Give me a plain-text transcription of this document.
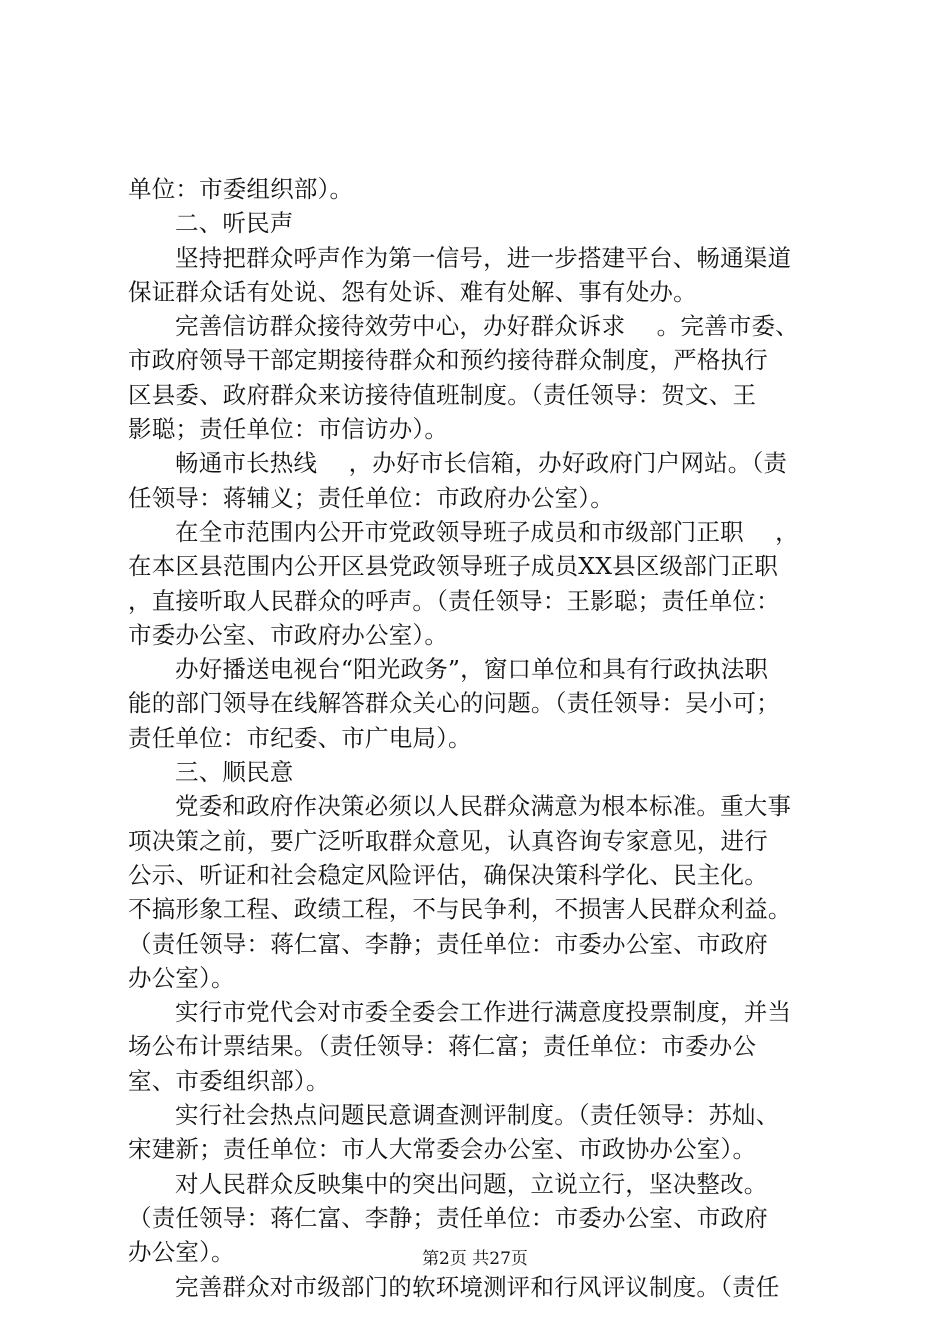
单位：市委组织部）。
二、听民声
坚持把群众呼声作为第一信号，进一步搭建平台、畅通渠道
保证群众话有处说、怨有处诉、难有处解、事有处办。
完善信访群众接待效劳中心，办好群众诉求　 。完善市委、
市政府领导干部定期接待群众和预约接待群众制度，严格执行
区县委、政府群众来访接待值班制度。（责任领导：贺文、王
影聪；责任单位：市信访办）。
畅通市长热线　 ，办好市长信箱，办好政府门户网站。（责
任领导：蒋辅义；责任单位：市政府办公室）。
在全市范围内公开市党政领导班子成员和市级部门正职　 ，
在本区县范围内公开区县党政领导班子成员XX县区级部门正职
，直接听取人民群众的呼声。（责任领导：王影聪；责任单位：
市委办公室、市政府办公室）。
办好播送电视台“阳光政务”，窗口单位和具有行政执法职
能的部门领导在线解答群众关心的问题。（责任领导：吴小可；
责任单位：市纪委、市广电局）。
三、顺民意
党委和政府作决策必须以人民群众满意为根本标准。重大事
项决策之前，要广泛听取群众意见，认真咨询专家意见，进行
公示、听证和社会稳定风险评估，确保决策科学化、民主化。
不搞形象工程、政绩工程，不与民争利，不损害人民群众利益。
（责任领导：蒋仁富、李静；责任单位：市委办公室、市政府
办公室）。
实行市党代会对市委全委会工作进行满意度投票制度，并当
场公布计票结果。（责任领导：蒋仁富；责任单位：市委办公
室、市委组织部）。
实行社会热点问题民意调查测评制度。（责任领导：苏灿、
宋建新；责任单位：市人大常委会办公室、市政协办公室）。
对人民群众反映集中的突出问题，立说立行，坚决整改。
（责任领导：蒋仁富、李静；责任单位：市委办公室、市政府
办公室）。
完善群众对市级部门的软环境测评和行风评议制度。（责任
第2页 共27页
